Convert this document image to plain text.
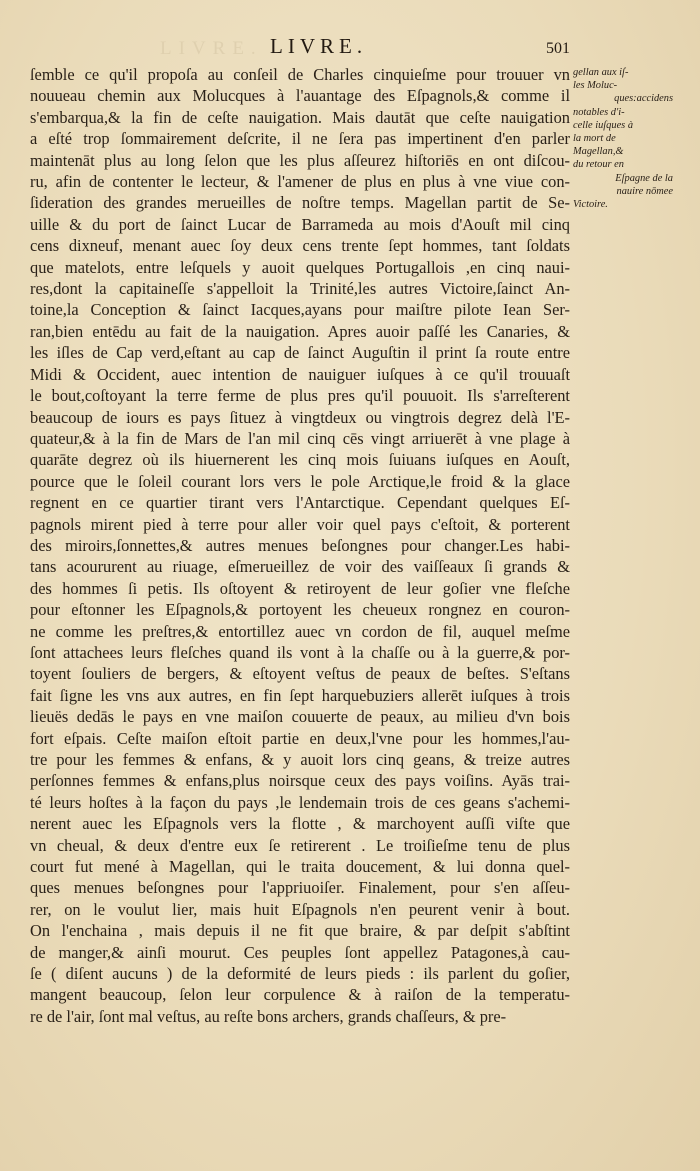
LIVRE. LIVRE.	501
ſemble ce qu'il propoſa au conſeil de Charles cinquieſme pour trouuer vn
nouueau chemin aux Molucques à l'auantage des Eſpagnols,& comme il
s'embarqua,& la fin de ceſte nauigation. Mais dautāt que ceſte nauigation
a eſté trop ſommairement deſcrite, il ne ſera pas impertinent d'en parler
maintenāt plus au long ſelon que les plus aſſeurez hiſtoriēs en ont diſcou-
ru, afin de contenter le lecteur, & l'amener de plus en plus à vne viue con-
ſideration des grandes merueilles de noſtre temps. Magellan partit de Se-
uille & du port de ſainct Lucar de Barrameda au mois d'Aouſt mil cinq
cens dixneuf, menant auec ſoy deux cens trente ſept hommes, tant ſoldats
que matelots, entre leſquels y auoit quelques Portugallois ,en cinq naui-
res,dont la capitaineſſe s'appelloit la Trinité,les autres Victoire,ſainct An-
toine,la Conception & ſainct Iacques,ayans pour maiſtre pilote Iean Ser-
ran,bien entēdu au fait de la nauigation. Apres auoir paſſé les Canaries, &
les iſles de Cap verd,eſtant au cap de ſainct Auguſtin il print ſa route entre
Midi & Occident, auec intention de nauiguer iuſques à ce qu'il trouuaſt
le bout,coſtoyant la terre ferme de plus pres qu'il pouuoit. Ils s'arreſterent
beaucoup de iours es pays ſituez à vingtdeux ou vingtrois degrez delà l'E-
quateur,& à la fin de Mars de l'an mil cinq cēs vingt arriuerēt à vne plage à
quarāte degrez où ils hiuernerent les cinq mois ſuiuans iuſques en Aouſt,
pource que le ſoleil courant lors vers le pole Arctique,le froid & la glace
regnent en ce quartier tirant vers l'Antarctique. Cependant quelques Eſ-
pagnols mirent pied à terre pour aller voir quel pays c'eſtoit, & porterent
des miroirs,ſonnettes,& autres menues beſongnes pour changer.Les habi-
tans acoururent au riuage, eſmerueillez de voir des vaiſſeaux ſi grands &
des hommes ſi petis. Ils oſtoyent & retiroyent de leur goſier vne fleſche
pour eſtonner les Eſpagnols,& portoyent les cheueux rongnez en couron-
ne comme les preſtres,& entortillez auec vn cordon de fil, auquel meſme
ſont attachees leurs fleſches quand ils vont à la chaſſe ou à la guerre,& por-
toyent ſouliers de bergers, & eſtoyent veſtus de peaux de beſtes. S'eſtans
fait ſigne les vns aux autres, en fin ſept harquebuziers allerēt iuſques à trois
lieuës dedās le pays en vne maiſon couuerte de peaux, au milieu d'vn bois
fort eſpais. Ceſte maiſon eſtoit partie en deux,l'vne pour les hommes,l'au-
tre pour les femmes & enfans, & y auoit lors cinq geans, & treize autres
perſonnes femmes & enfans,plus noirsque ceux des pays voiſins. Ayās trai-
té leurs hoſtes à la façon du pays ,le lendemain trois de ces geans s'achemi-
nerent auec les Eſpagnols vers la flotte , & marchoyent auſſi viſte que
vn cheual, & deux d'entre eux ſe retirerent . Le troiſieſme tenu de plus
court fut mené à Magellan, qui le traita doucement, & lui donna quel-
ques menues beſongnes pour l'appriuoiſer. Finalement, pour s'en aſſeu-
rer, on le voulut lier, mais huit Eſpagnols n'en peurent venir à bout.
On l'enchaina , mais depuis il ne fit que braire, & par deſpit s'abſtint
de manger,& ainſi mourut. Ces peuples ſont appellez Patagones,à cau-
ſe ( diſent aucuns ) de la deformité de leurs pieds : ils parlent du goſier,
mangent beaucoup, ſelon leur corpulence & à raiſon de la temperatu-
re de l'air, ſont mal veſtus, au reſte bons archers, grands chaſſeurs, & pre-
gellan aux iſ-
les Moluc-
ques:accidens
notables d'i-
celle iuſques à
la mort de
Magellan,&
du retour en
Eſpagne de la
nauire nōmee
Victoire.
